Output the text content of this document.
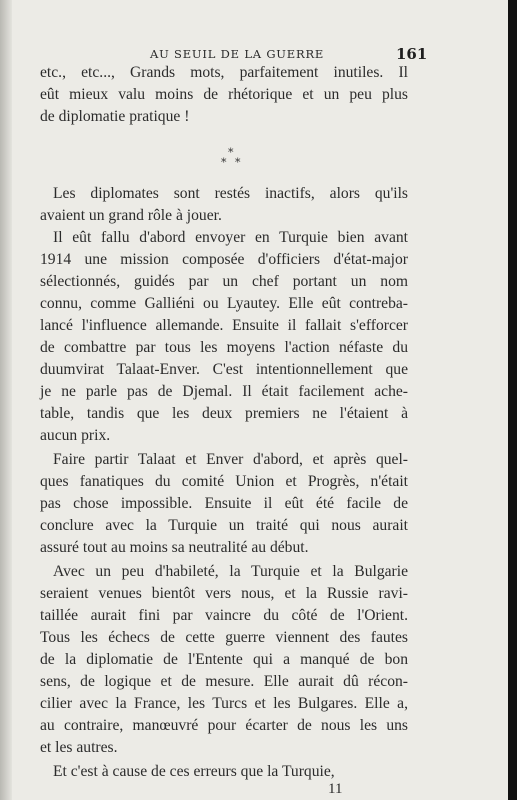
AU SEUIL DE LA GUERRE	161
*
* *
etc., etc..., Grands mots, parfaitement inutiles. Il
eût mieux valu moins de rhétorique et un peu plus
de diplomatie pratique !
Les diplomates sont restés inactifs, alors qu'ils
avaient un grand rôle à jouer.
Il eût fallu d'abord envoyer en Turquie bien avant
1914 une mission composée d'officiers d'état-major
sélectionnés, guidés par un chef portant un nom
connu, comme Galliéni ou Lyautey. Elle eût contreba-
lancé l'influence allemande. Ensuite il fallait s'efforcer
de combattre par tous les moyens l'action néfaste du
duumvirat Talaat-Enver. C'est intentionnellement que
je ne parle pas de Djemal. Il était facilement ache-
table, tandis que les deux premiers ne l'étaient à
aucun prix.
Faire partir Talaat et Enver d'abord, et après quel-
ques fanatiques du comité Union et Progrès, n'était
pas chose impossible. Ensuite il eût été facile de
conclure avec la Turquie un traité qui nous aurait
assuré tout au moins sa neutralité au début.
Avec un peu d'habileté, la Turquie et la Bulgarie
seraient venues bientôt vers nous, et la Russie ravi-
taillée aurait fini par vaincre du côté de l'Orient.
Tous les échecs de cette guerre viennent des fautes
de la diplomatie de l'Entente qui a manqué de bon
sens, de logique et de mesure. Elle aurait dû récon-
cilier avec la France, les Turcs et les Bulgares. Elle a,
au contraire, manœuvré pour écarter de nous les uns
et les autres.
Et c'est à cause de ces erreurs que la Turquie,
11
